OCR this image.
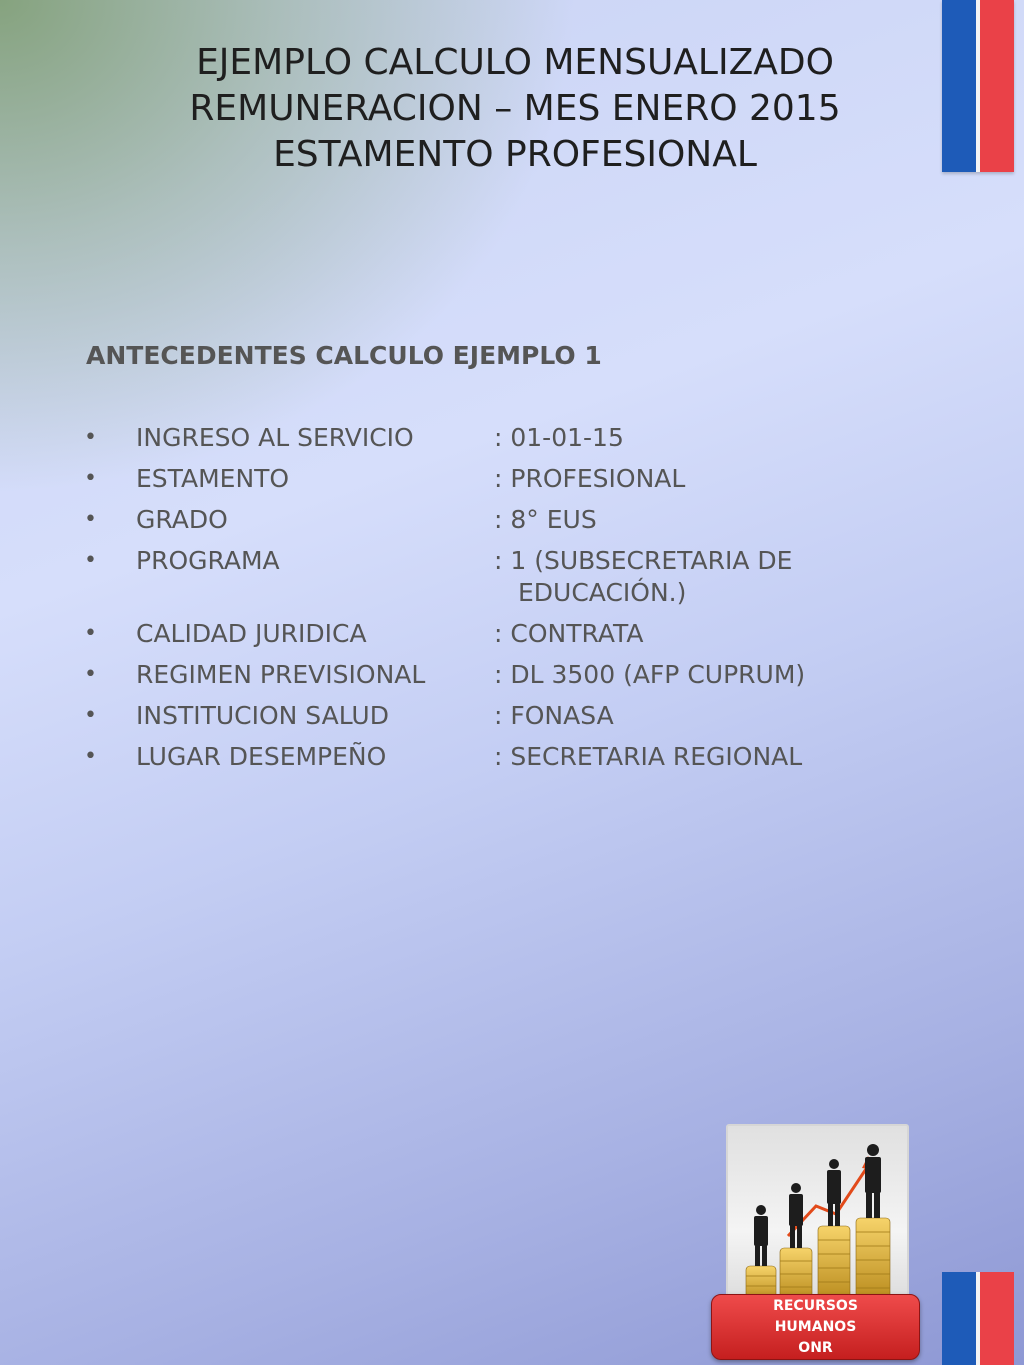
EJEMPLO CALCULO MENSUALIZADO
REMUNERACION – MES ENERO 2015
ESTAMENTO PROFESIONAL
ANTECEDENTES CALCULO EJEMPLO 1
•	INGRESO AL SERVICIO	: 01-01-15
•	ESTAMENTO	: PROFESIONAL
•	GRADO	: 8° EUS
•	PROGRAMA	: 1 (SUBSECRETARIA DE
EDUCACIÓN.)
•	CALIDAD JURIDICA	: CONTRATA
•	REGIMEN PREVISIONAL	: DL 3500 (AFP CUPRUM)
•	INSTITUCION SALUD	: FONASA
•	LUGAR DESEMPEÑO	: SECRETARIA REGIONAL
RECURSOS
HUMANOS
ONR
